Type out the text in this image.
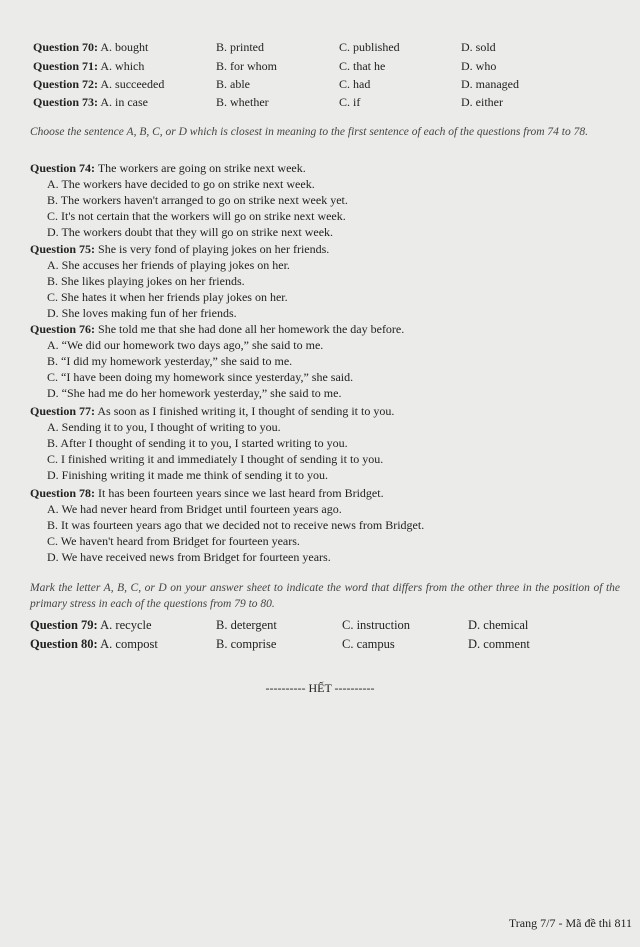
Question 70: A. bought	B. printed	C. published	D. sold
Question 71: A. which	B. for whom	C. that he	D. who
Question 72: A. succeeded	B. able	C. had	D. managed
Question 73: A. in case	B. whether	C. if	D. either
Choose the sentence A, B, C, or D which is closest in meaning to the first sentence of each of the questions from 74 to 78.
Question 74: The workers are going on strike next week.
A. The workers have decided to go on strike next week.
B. The workers haven't arranged to go on strike next week yet.
C. It's not certain that the workers will go on strike next week.
D. The workers doubt that they will go on strike next week.
Question 75: She is very fond of playing jokes on her friends.
A. She accuses her friends of playing jokes on her.
B. She likes playing jokes on her friends.
C. She hates it when her friends play jokes on her.
D. She loves making fun of her friends.
Question 76: She told me that she had done all her homework the day before.
A. “We did our homework two days ago,” she said to me.
B. “I did my homework yesterday,” she said to me.
C. “I have been doing my homework since yesterday,” she said.
D. “She had me do her homework yesterday,” she said to me.
Question 77: As soon as I finished writing it, I thought of sending it to you.
A. Sending it to you, I thought of writing to you.
B. After I thought of sending it to you, I started writing to you.
C. I finished writing it and immediately I thought of sending it to you.
D. Finishing writing it made me think of sending it to you.
Question 78: It has been fourteen years since we last heard from Bridget.
A. We had never heard from Bridget until fourteen years ago.
B. It was fourteen years ago that we decided not to receive news from Bridget.
C. We haven't heard from Bridget for fourteen years.
D. We have received news from Bridget for fourteen years.
Mark the letter A, B, C, or D on your answer sheet to indicate the word that differs from the other three in the position of the primary stress in each of the questions from 79 to 80.
Question 79: A. recycle	B. detergent	C. instruction	D. chemical
Question 80: A. compost	B. comprise	C. campus	D. comment
---------- HẾT ----------
Trang 7/7 - Mã đề thi 811
